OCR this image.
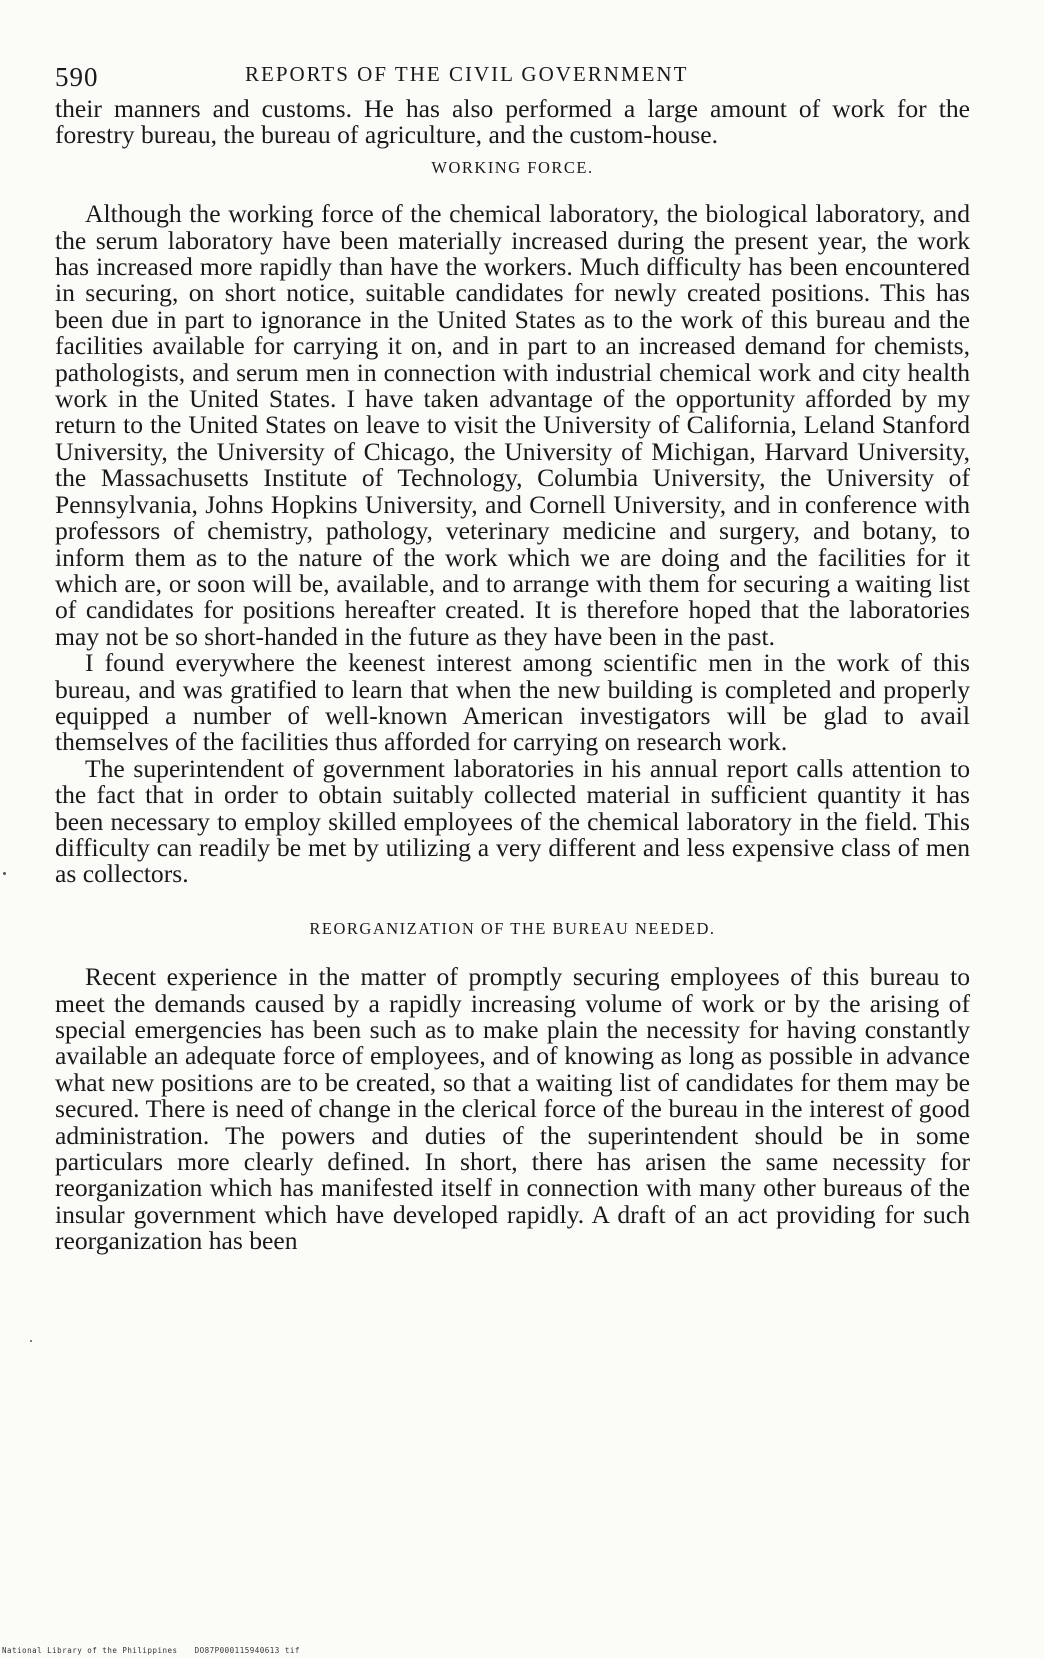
590	REPORTS OF THE CIVIL GOVERNMENT

their manners and customs. He has also performed a large amount of work for the forestry bureau, the bureau of agriculture, and the custom-house.

WORKING FORCE.

Although the working force of the chemical laboratory, the biological laboratory, and the serum laboratory have been materially increased during the present year, the work has increased more rapidly than have the workers. Much difficulty has been encountered in securing, on short notice, suitable candidates for newly created positions. This has been due in part to ignorance in the United States as to the work of this bureau and the facilities available for carrying it on, and in part to an increased demand for chemists, pathologists, and serum men in connection with industrial chemical work and city health work in the United States. I have taken advantage of the opportunity afforded by my return to the United States on leave to visit the University of California, Leland Stanford University, the University of Chicago, the University of Michigan, Harvard University, the Massachusetts Institute of Technology, Columbia University, the University of Pennsylvania, Johns Hopkins University, and Cornell University, and in conference with professors of chemistry, pathology, veterinary medicine and surgery, and botany, to inform them as to the nature of the work which we are doing and the facilities for it which are, or soon will be, available, and to arrange with them for securing a waiting list of candidates for positions hereafter created. It is therefore hoped that the laboratories may not be so short-handed in the future as they have been in the past.

I found everywhere the keenest interest among scientific men in the work of this bureau, and was gratified to learn that when the new building is completed and properly equipped a number of well-known American investigators will be glad to avail themselves of the facilities thus afforded for carrying on research work.

The superintendent of government laboratories in his annual report calls attention to the fact that in order to obtain suitably collected material in sufficient quantity it has been necessary to employ skilled employees of the chemical laboratory in the field. This difficulty can readily be met by utilizing a very different and less expensive class of men as collectors.

REORGANIZATION OF THE BUREAU NEEDED.

Recent experience in the matter of promptly securing employees of this bureau to meet the demands caused by a rapidly increasing volume of work or by the arising of special emergencies has been such as to make plain the necessity for having constantly available an adequate force of employees, and of knowing as long as possible in advance what new positions are to be created, so that a waiting list of candidates for them may be secured. There is need of change in the clerical force of the bureau in the interest of good administration. The powers and duties of the superintendent should be in some particulars more clearly defined. In short, there has arisen the same necessity for reorganization which has manifested itself in connection with many other bureaus of the insular government which have developed rapidly. A draft of an act providing for such reorganization has been

National Library of the Philippines DO87P000115940613 tif
